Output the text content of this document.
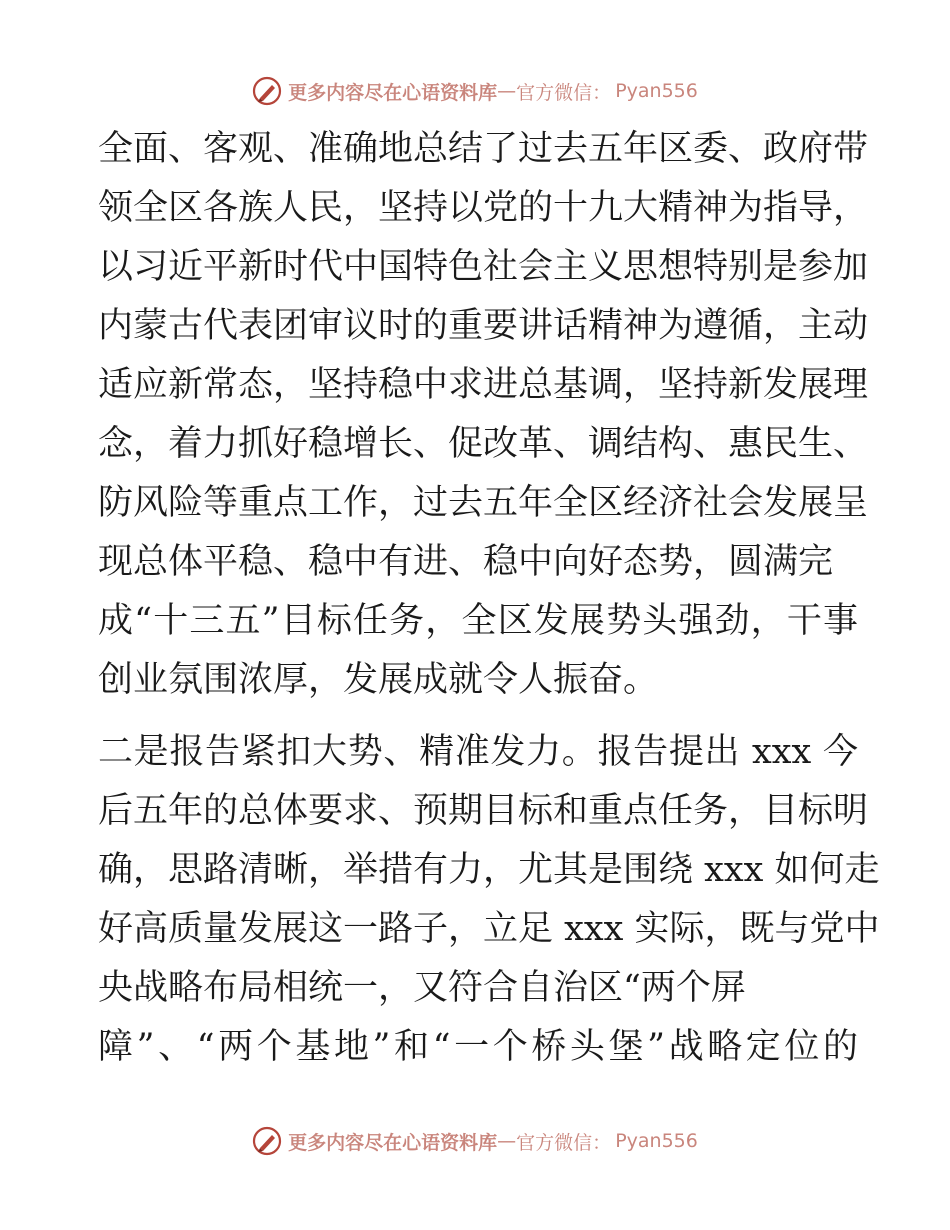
更多内容尽在心语资料库 — 官方微信： Pyan556
全面、客观、准确地总结了过去五年区委、政府带
领全区各族人民，坚持以党的十九大精神为指导，
以习近平新时代中国特色社会主义思想特别是参加
内蒙古代表团审议时的重要讲话精神为遵循，主动
适应新常态，坚持稳中求进总基调，坚持新发展理
念，着力抓好稳增长、促改革、调结构、惠民生、
防风险等重点工作，过去五年全区经济社会发展呈
现总体平稳、稳中有进、稳中向好态势，圆满完
成“十三五”目标任务，全区发展势头强劲，干事
创业氛围浓厚，发展成就令人振奋。
二是报告紧扣大势、精准发力。报告提出 xxx 今
后五年的总体要求、预期目标和重点任务，目标明
确，思路清晰，举措有力，尤其是围绕 xxx 如何走
好高质量发展这一路子，立足 xxx 实际，既与党中
央战略布局相统一，又符合自治区“两个屏
障”、“两个基地”和“一个桥头堡”战略定位的
更多内容尽在心语资料库 — 官方微信： Pyan556
